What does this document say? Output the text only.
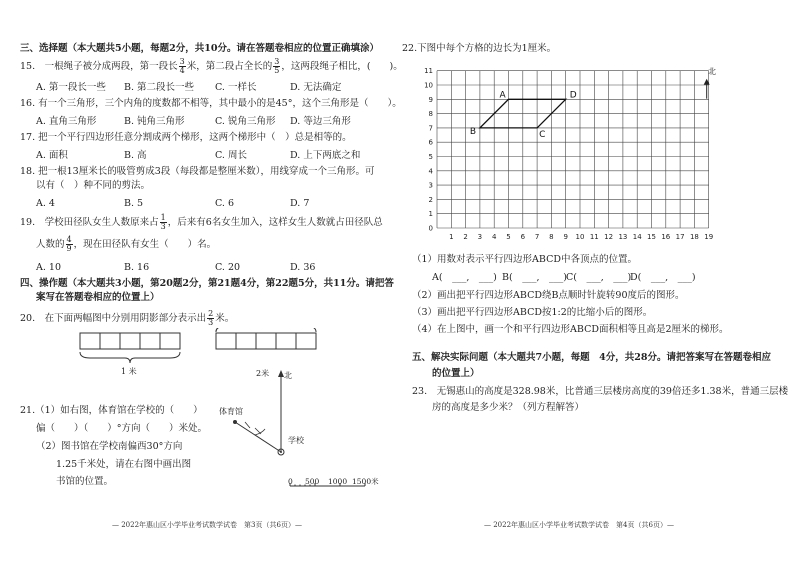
三、选择题（本大题共5小题，每题2分，共10分。请在答题卷相应的位置正确填涂）
15.　一根绳子被分成两段，第一段长 $\frac{3}{4}$ 米，第二段占全长的 $\frac{3}{5}$ ，这两段绳子相比，(　　)。
A. 第一段长一些 B. 第二段长一些 C. 一样长	D. 无法确定
16. 有一个三角形，三个内角的度数都不相等，其中最小的是45°，这个三角形是（　　）。
A. 直角三角形	B. 钝角三角形	C. 锐角三角形 D. 等边三角形
17. 把一个平行四边形任意分割成两个梯形，这两个梯形中（　）总是相等的。
A. 面积	B. 高	C. 周长	D. 上下两底之和
18. 把一根13厘米长的吸管剪成3段（每段都是整厘米数），用线穿成一个三角形。可
以有（　）种不同的剪法。
A. 4	B. 5	C. 6	D. 7
19.　学校田径队女生人数原来占 $\frac{1}{3}$ ，后来有6名女生加入，这样女生人数就占田径队总
人数的 $\frac{4}{9}$ ，现在田径队有女生（　　）名。
A. 10	B. 16	C. 20	D. 36
四、操作题（本大题共3小题，第20题2分，第21题4分，第22题5分，共11分。请把答
案写在答题卷相应的位置上）
20.　在下面两幅图中分别用阴影部分表示出 $\frac{2}{3}$ 米。
1 米	2米
21.（1）如右图，体育馆在学校的（　　）
偏（　　）（　　）°方向（　　）米处。
（2）图书馆在学校南偏西30°方向
1.25千米处，请在右图中画出图
书馆的位置。
北
体育馆
学校
0 500 1000 1500米
— 2022年惠山区小学毕业考试数学试卷　第3页（共6页）—
22.下图中每个方格的边长为1厘米。
1 2 3 4 5 6 7 8 9 10 11 12 13 14 15 16 17 18 19
0
1
2
3
4
5
6
7
8
9
10
11
A	D
C
B
北
（1）用数对表示平行四边形ABCD中各顶点的位置。
A(　___,　___) B(　___,　___) C(　___,　___)
D(　___,　___)
（2）画出把平行四边形ABCD绕B点顺时针旋转90度后的图形。
（3）画出把平行四边形ABCD按1:2的比缩小后的图形。
（4）在上图中，画一个和平行四边形ABCD面积相等且高是2厘米的梯形。
五、解决实际问题（本大题共7小题，每题　4分，共28分。请把答案写在答题卷相应
的位置上）
23.　无锡惠山的高度是328.98米，比普通三层楼房高度的39倍还多1.38米，普通三层楼
房的高度是多少米？（列方程解答）
— 2022年惠山区小学毕业考试数学试卷　第4页（共6页）—
